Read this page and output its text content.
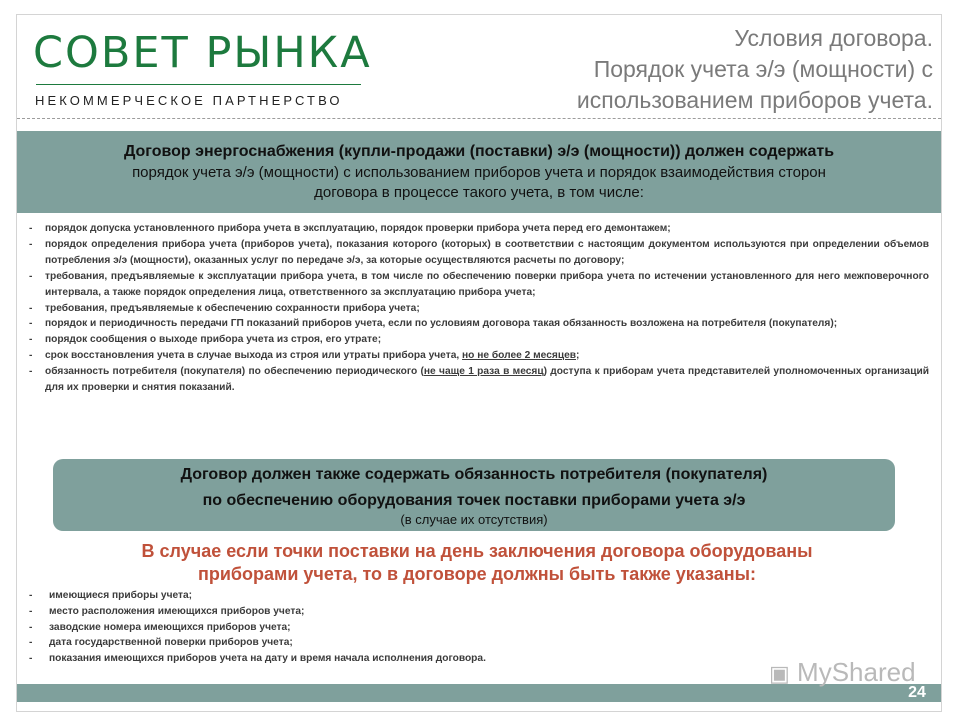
СОВЕТ РЫНКА
НЕКОММЕРЧЕСКОЕ ПАРТНЕРСТВО
Условия договора.
Порядок учета э/э (мощности) с
использованием приборов учета.
Договор энергоснабжения (купли-продажи (поставки) э/э (мощности)) должен содержать
порядок учета э/э (мощности) с использованием приборов учета и порядок взаимодействия сторон
договора в процессе такого учета, в том числе:
- порядок допуска установленного прибора учета в эксплуатацию, порядок проверки прибора учета перед его демонтажем;
- порядок определения прибора учета (приборов учета), показания которого (которых) в соответствии с настоящим документом используются при определении объемов потребления э/э (мощности), оказанных услуг по передаче э/э, за которые осуществляются расчеты по договору;
- требования, предъявляемые к эксплуатации прибора учета, в том числе по обеспечению поверки прибора учета по истечении установленного для него межповерочного интервала, а также порядок определения лица, ответственного за эксплуатацию прибора учета;
- требования, предъявляемые к обеспечению сохранности прибора учета;
- порядок и периодичность передачи ГП показаний приборов учета, если по условиям договора такая обязанность возложена на потребителя (покупателя);
- порядок сообщения о выходе прибора учета из строя, его утрате;
- срок восстановления учета в случае выхода из строя или утраты прибора учета, но не более 2 месяцев;
- обязанность потребителя (покупателя) по обеспечению периодического (не чаще 1 раза в месяц) доступа к приборам учета представителей уполномоченных организаций для их проверки и снятия показаний.
Договор должен также содержать обязанность потребителя (покупателя)
по обеспечению оборудования точек поставки приборами учета э/э
(в случае их отсутствия)
В случае если точки поставки на день заключения договора оборудованы
приборами учета, то в договоре должны быть также указаны:
- имеющиеся приборы учета;
- место расположения имеющихся приборов учета;
- заводские номера имеющихся приборов учета;
- дата государственной поверки приборов учета;
- показания имеющихся приборов учета на дату и время начала исполнения договора.
▣ MyShared
24
